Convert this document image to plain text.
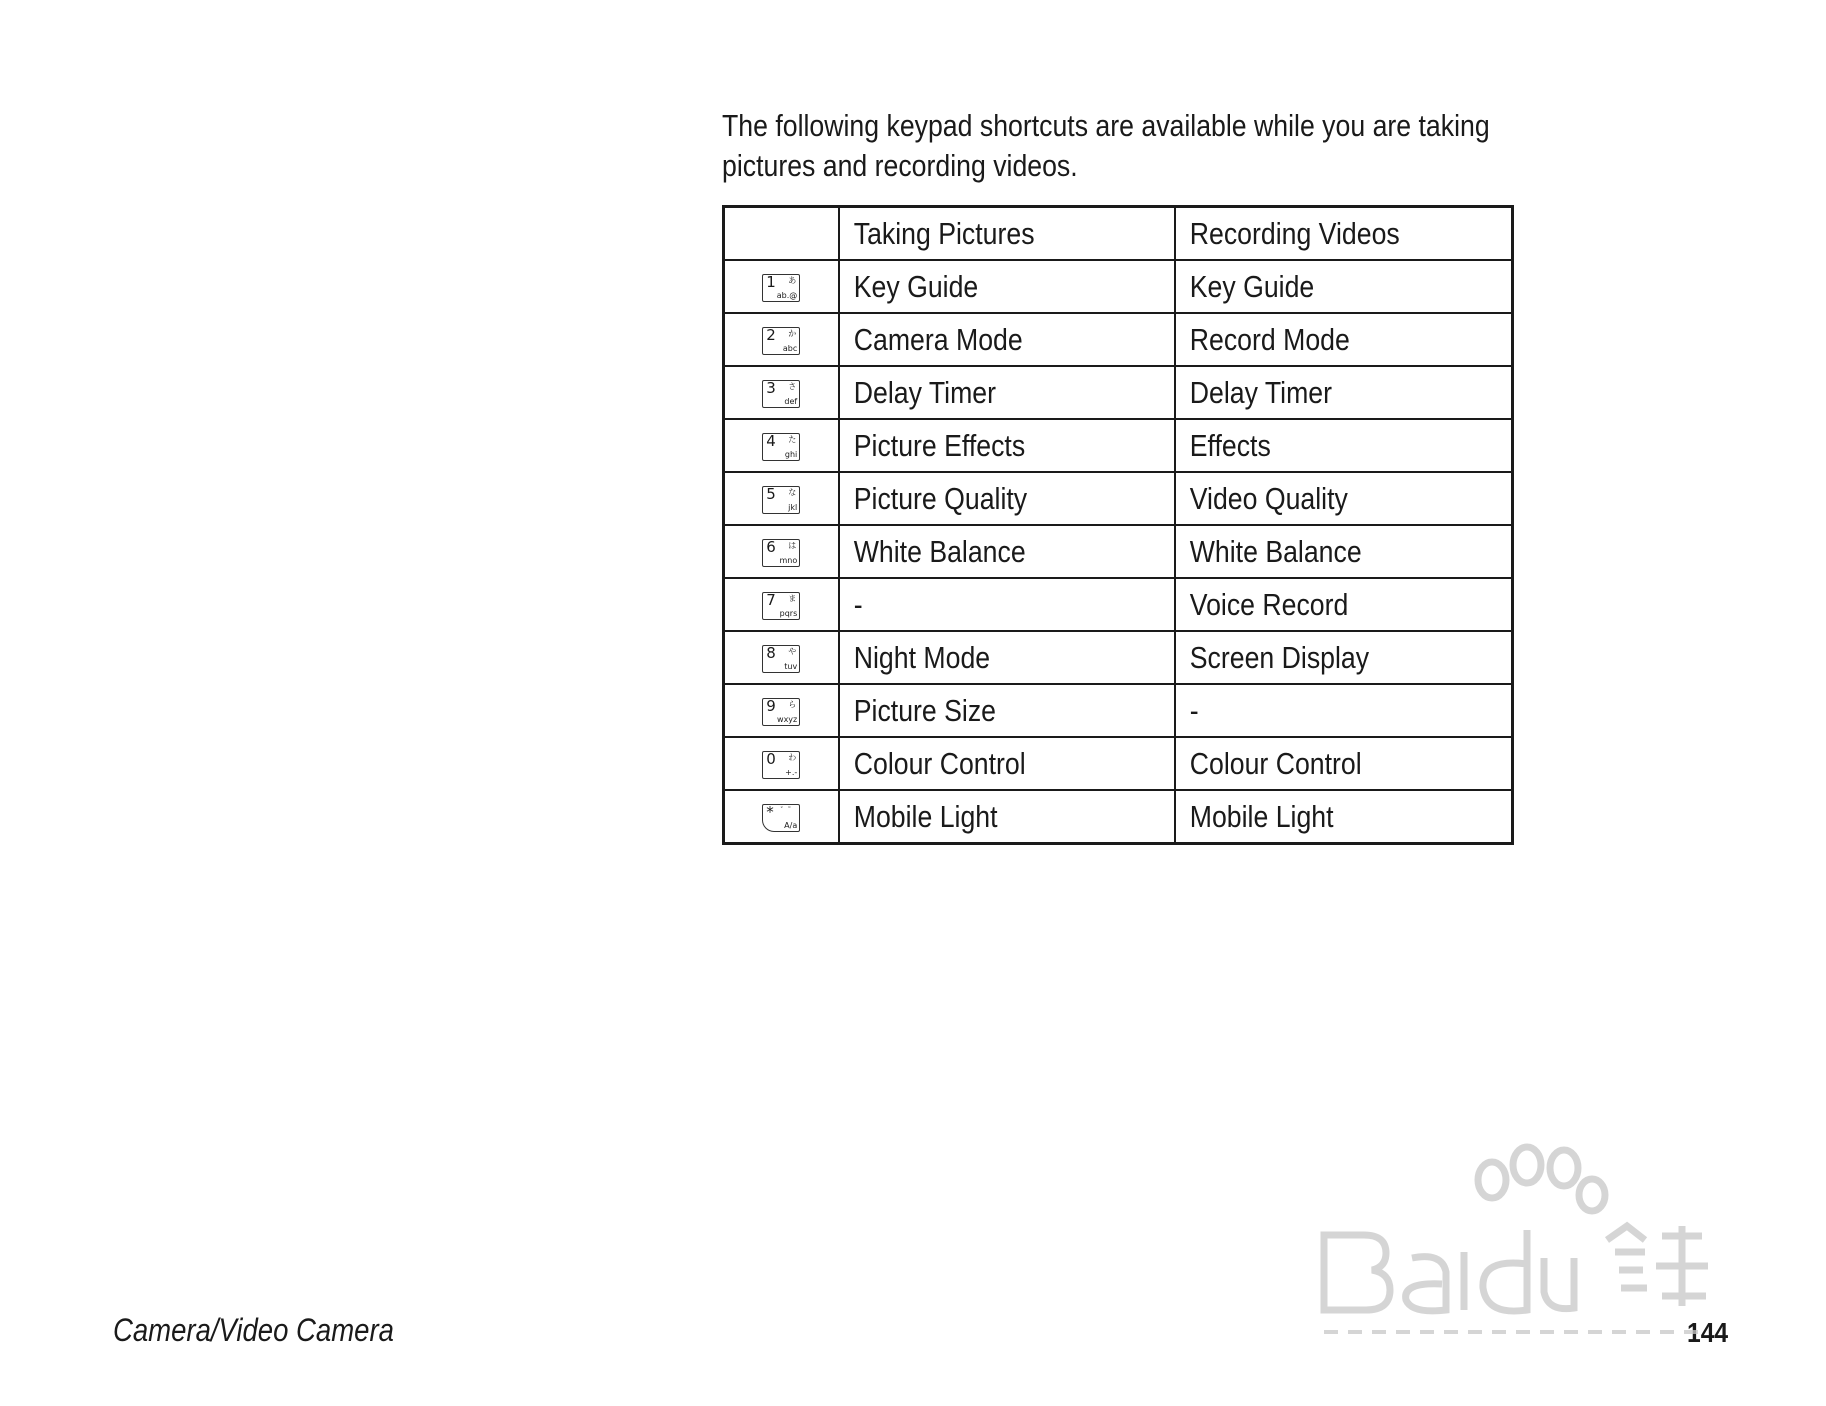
The following keypad shortcuts are available while you are taking
pictures and recording videos.
	Taking Pictures	Recording Videos

1 あ
ab.@	Key Guide	Key Guide

2 か
abc	Camera Mode	Record Mode

3 さ
def	Delay Timer	Delay Timer

4 た
ghi	Picture Effects	Effects

5 な
jkl	Picture Quality	Video Quality

6 は
mno	White Balance	White Balance

7 ま
pqrs	-	Voice Record

8 や
tuv	Night Mode	Screen Display

9 ら
wxyz	Picture Size	-

0 わ
+.-	Colour Control	Colour Control

* ゛゜
A/a	Mobile Light	Mobile Light
Camera/Video Camera	144
